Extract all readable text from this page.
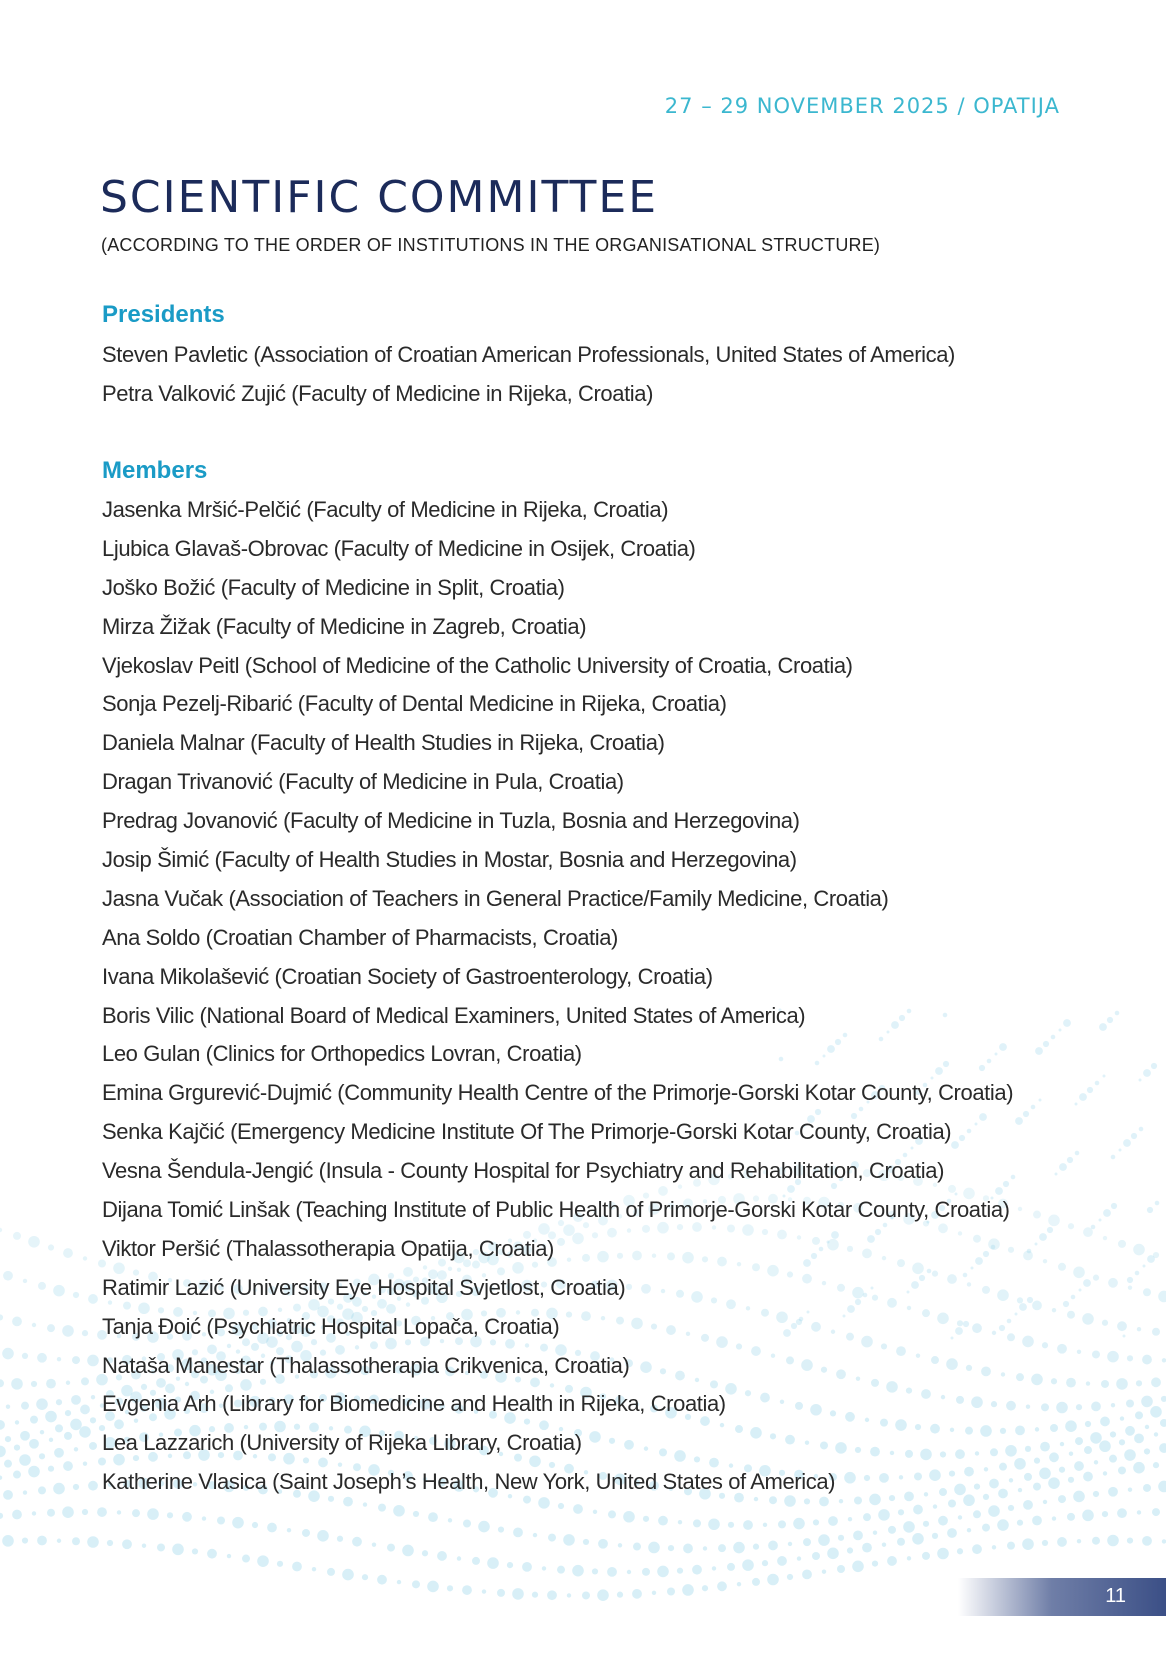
27 – 29 NOVEMBER 2025 / OPATIJA
SCIENTIFIC COMMITTEE
(ACCORDING TO THE ORDER OF INSTITUTIONS IN THE ORGANISATIONAL STRUCTURE)
Presidents
Steven Pavletic (Association of Croatian American Professionals, United States of America)
Petra Valković Zujić (Faculty of Medicine in Rijeka, Croatia)
Members
Jasenka Mršić-Pelčić (Faculty of Medicine in Rijeka, Croatia)
Ljubica Glavaš-Obrovac (Faculty of Medicine in Osijek, Croatia)
Joško Božić (Faculty of Medicine in Split, Croatia)
Mirza Žižak (Faculty of Medicine in Zagreb, Croatia)
Vjekoslav Peitl (School of Medicine of the Catholic University of Croatia, Croatia)
Sonja Pezelj-Ribarić (Faculty of Dental Medicine in Rijeka, Croatia)
Daniela Malnar (Faculty of Health Studies in Rijeka, Croatia)
Dragan Trivanović (Faculty of Medicine in Pula, Croatia)
Predrag Jovanović (Faculty of Medicine in Tuzla, Bosnia and Herzegovina)
Josip Šimić (Faculty of Health Studies in Mostar, Bosnia and Herzegovina)
Jasna Vučak (Association of Teachers in General Practice/Family Medicine, Croatia)
Ana Soldo (Croatian Chamber of Pharmacists, Croatia)
Ivana Mikolašević (Croatian Society of Gastroenterology, Croatia)
Boris Vilic (National Board of Medical Examiners, United States of America)
Leo Gulan (Clinics for Orthopedics Lovran, Croatia)
Emina Grgurević-Dujmić (Community Health Centre of the Primorje-Gorski Kotar County, Croatia)
Senka Kajčić (Emergency Medicine Institute Of The Primorje-Gorski Kotar County, Croatia)
Vesna Šendula-Jengić (Insula - County Hospital for Psychiatry and Rehabilitation, Croatia)
Dijana Tomić Linšak (Teaching Institute of Public Health of Primorje-Gorski Kotar County, Croatia)
Viktor Peršić (Thalassotherapia Opatija, Croatia)
Ratimir Lazić (University Eye Hospital Svjetlost, Croatia)
Tanja Đoić (Psychiatric Hospital Lopača, Croatia)
Nataša Manestar (Thalassotherapia Crikvenica, Croatia)
Evgenia Arh (Library for Biomedicine and Health in Rijeka, Croatia)
Lea Lazzarich (University of Rijeka Library, Croatia)
Katherine Vlasica (Saint Joseph’s Health, New York, United States of America)
11
